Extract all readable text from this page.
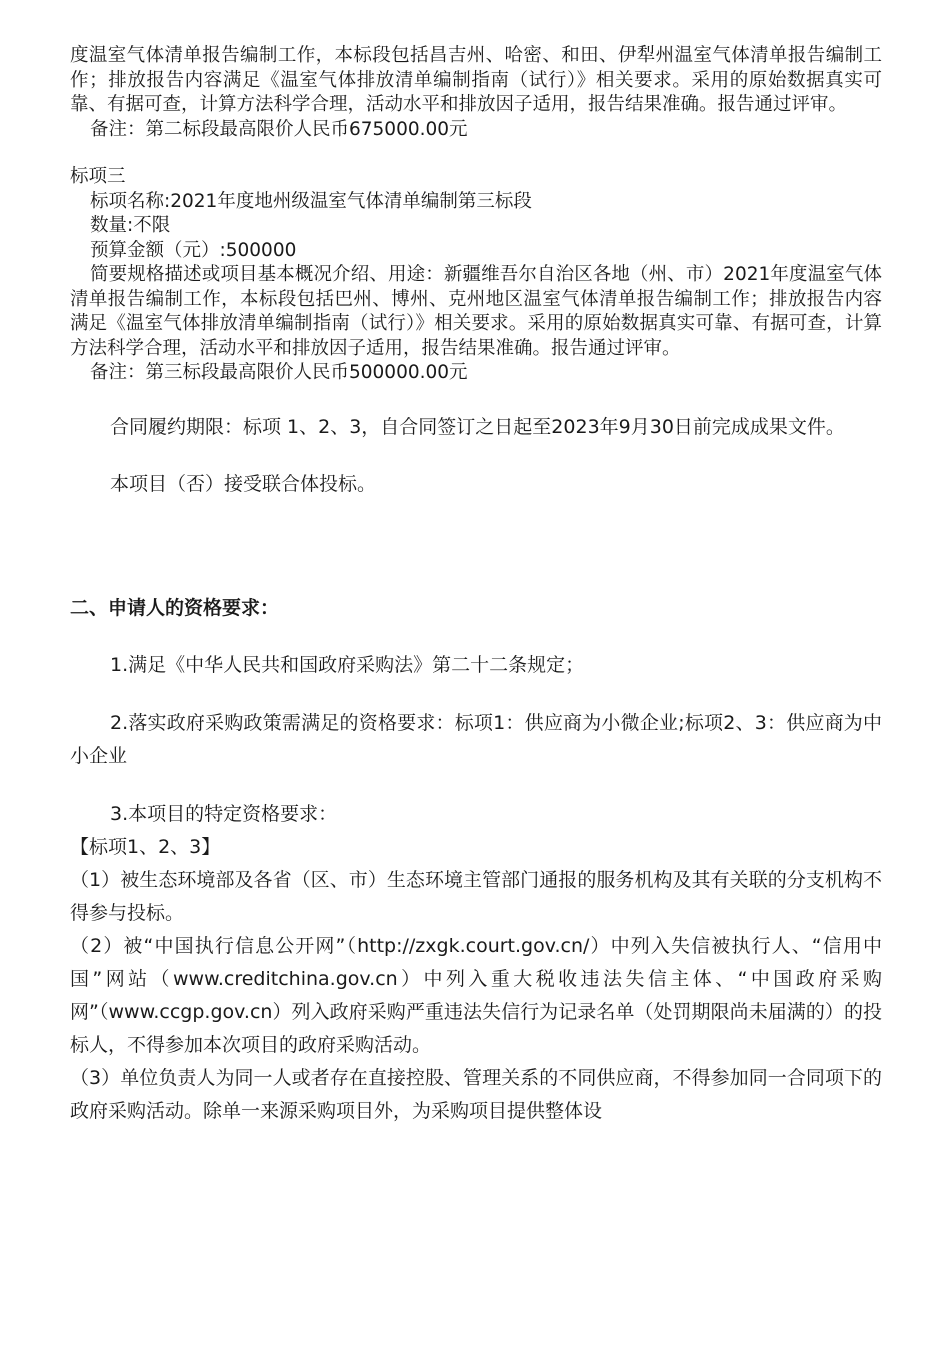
度温室气体清单报告编制工作，本标段包括昌吉州、哈密、和田、伊犁州温室气体清单报告编制工作；排放报告内容满足《温室气体排放清单编制指南（试行）》相关要求。采用的原始数据真实可靠、有据可查，计算方法科学合理，活动水平和排放因子适用，报告结果准确。报告通过评审。

备注：第二标段最高限价人民币675000.00元

标项三

标项名称:2021年度地州级温室气体清单编制第三标段

数量:不限

预算金额（元）:500000

简要规格描述或项目基本概况介绍、用途：新疆维吾尔自治区各地（州、市）2021年度温室气体清单报告编制工作，本标段包括巴州、博州、克州地区温室气体清单报告编制工作；排放报告内容满足《温室气体排放清单编制指南（试行）》相关要求。采用的原始数据真实可靠、有据可查，计算方法科学合理，活动水平和排放因子适用，报告结果准确。报告通过评审。

备注：第三标段最高限价人民币500000.00元

合同履约期限：标项 1、2、3，自合同签订之日起至2023年9月30日前完成成果文件。

本项目（否）接受联合体投标。

二、申请人的资格要求：

1.满足《中华人民共和国政府采购法》第二十二条规定；

2.落实政府采购政策需满足的资格要求：标项1：供应商为小微企业;标项2、3：供应商为中小企业

3.本项目的特定资格要求：

【标项1、2、3】

（1）被生态环境部及各省（区、市）生态环境主管部门通报的服务机构及其有关联的分支机构不得参与投标。

（2）被“中国执行信息公开网”（http://zxgk.court.gov.cn/）中列入失信被执行人、“信用中国”网站（www.creditchina.gov.cn）中列入重大税收违法失信主体、“中国政府采购网”（www.ccgp.gov.cn）列入政府采购严重违法失信行为记录名单（处罚期限尚未届满的）的投标人，不得参加本次项目的政府采购活动。

（3）单位负责人为同一人或者存在直接控股、管理关系的不同供应商，不得参加同一合同项下的政府采购活动。除单一来源采购项目外，为采购项目提供整体设
